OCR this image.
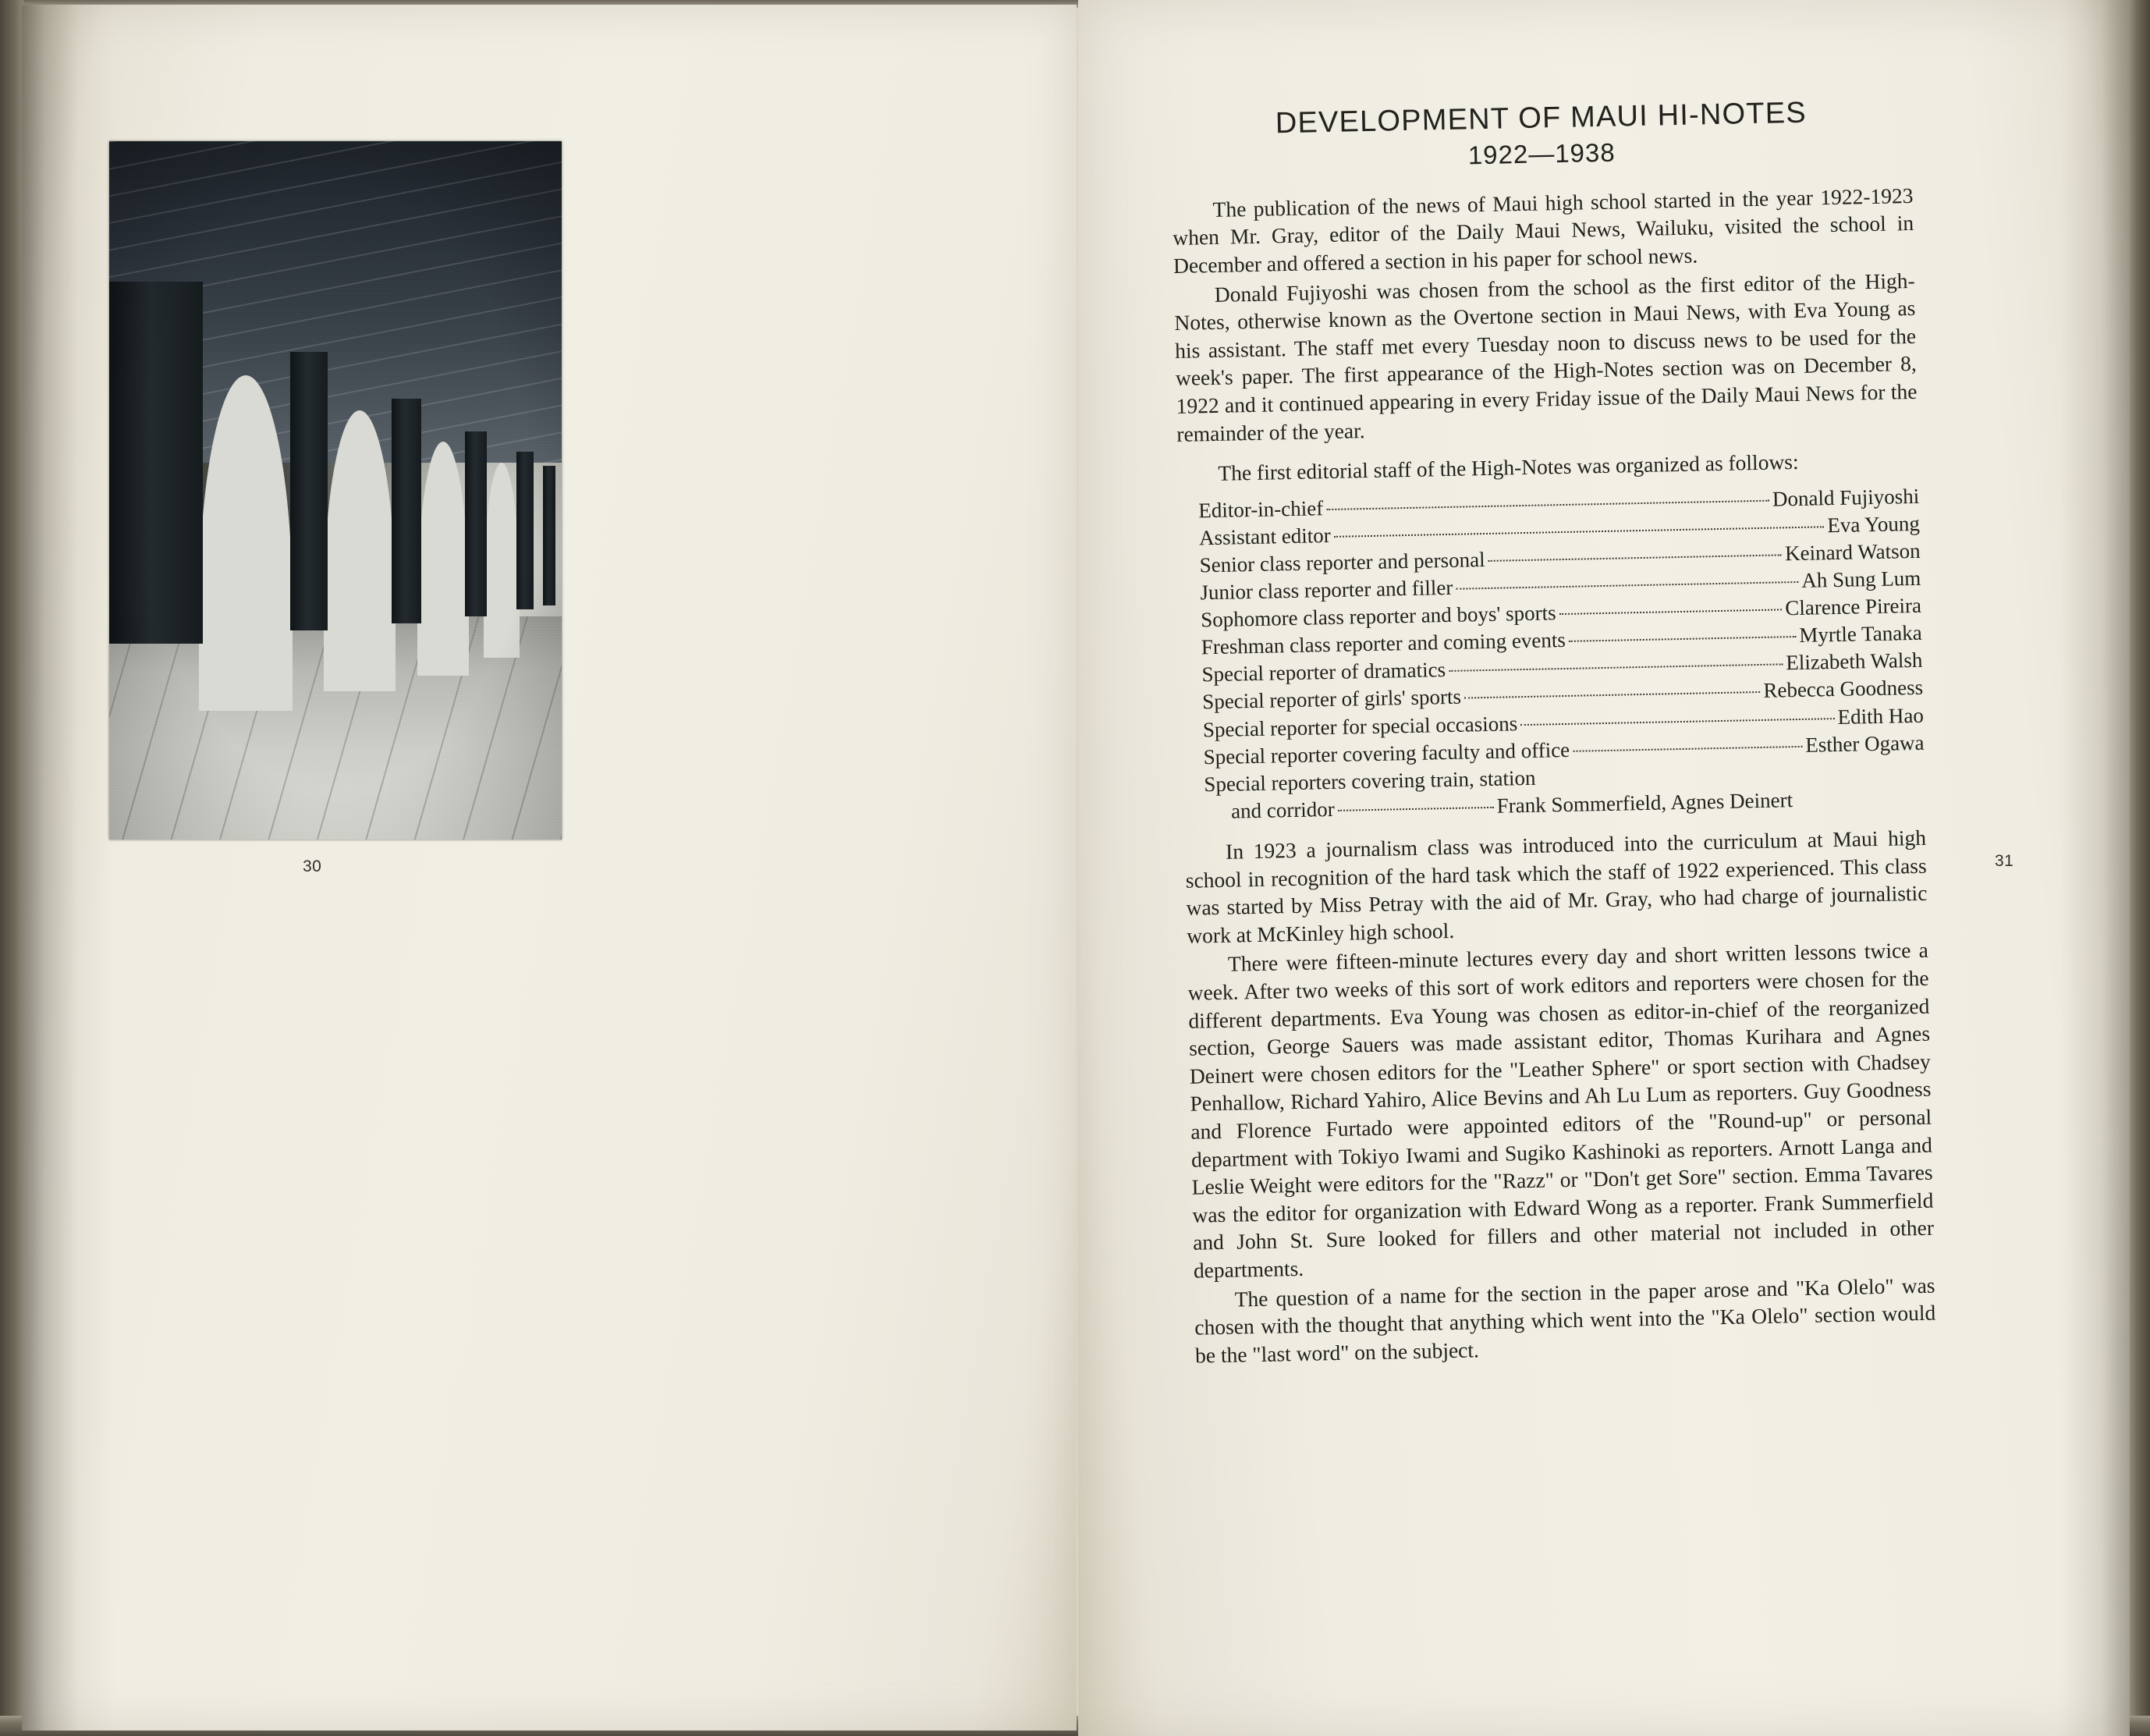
30
DEVELOPMENT OF MAUI HI-NOTES
1922—1938

The publication of the news of Maui high school started in the year 1922-1923 when Mr. Gray, editor of the Daily Maui News, Wailuku, visited the school in December and offered a section in his paper for school news.

Donald Fujiyoshi was chosen from the school as the first editor of the High-Notes, otherwise known as the Overtone section in Maui News, with Eva Young as his assistant. The staff met every Tuesday noon to discuss news to be used for the week's paper. The first appearance of the High-Notes section was on December 8, 1922 and it continued appearing in every Friday issue of the Daily Maui News for the remainder of the year.

The first editorial staff of the High-Notes was organized as follows:

Editor-in-chief	Donald Fujiyoshi
Assistant editor	Eva Young
Senior class reporter and personal	Keinard Watson
Junior class reporter and filler	Ah Sung Lum
Sophomore class reporter and boys' sports	Clarence Pireira
Freshman class reporter and coming events	Myrtle Tanaka
Special reporter of dramatics	Elizabeth Walsh
Special reporter of girls' sports	Rebecca Goodness
Special reporter for special occasions	Edith Hao
Special reporter covering faculty and office	Esther Ogawa
Special reporters covering train, station
and corridor	Frank Sommerfield, Agnes Deinert

In 1923 a journalism class was introduced into the curriculum at Maui high school in recognition of the hard task which the staff of 1922 experienced. This class was started by Miss Petray with the aid of Mr. Gray, who had charge of journalistic work at McKinley high school.

There were fifteen-minute lectures every day and short written lessons twice a week. After two weeks of this sort of work editors and reporters were chosen for the different departments. Eva Young was chosen as editor-in-chief of the reorganized section, George Sauers was made assistant editor, Thomas Kurihara and Agnes Deinert were chosen editors for the "Leather Sphere" or sport section with Chadsey Penhallow, Richard Yahiro, Alice Bevins and Ah Lu Lum as reporters. Guy Goodness and Florence Furtado were appointed editors of the "Round-up" or personal department with Tokiyo Iwami and Sugiko Kashinoki as reporters. Arnott Langa and Leslie Weight were editors for the "Razz" or "Don't get Sore" section. Emma Tavares was the editor for organization with Edward Wong as a reporter. Frank Summerfield and John St. Sure looked for fillers and other material not included in other departments.

The question of a name for the section in the paper arose and "Ka Olelo" was chosen with the thought that anything which went into the "Ka Olelo" section would be the "last word" on the subject.

31
